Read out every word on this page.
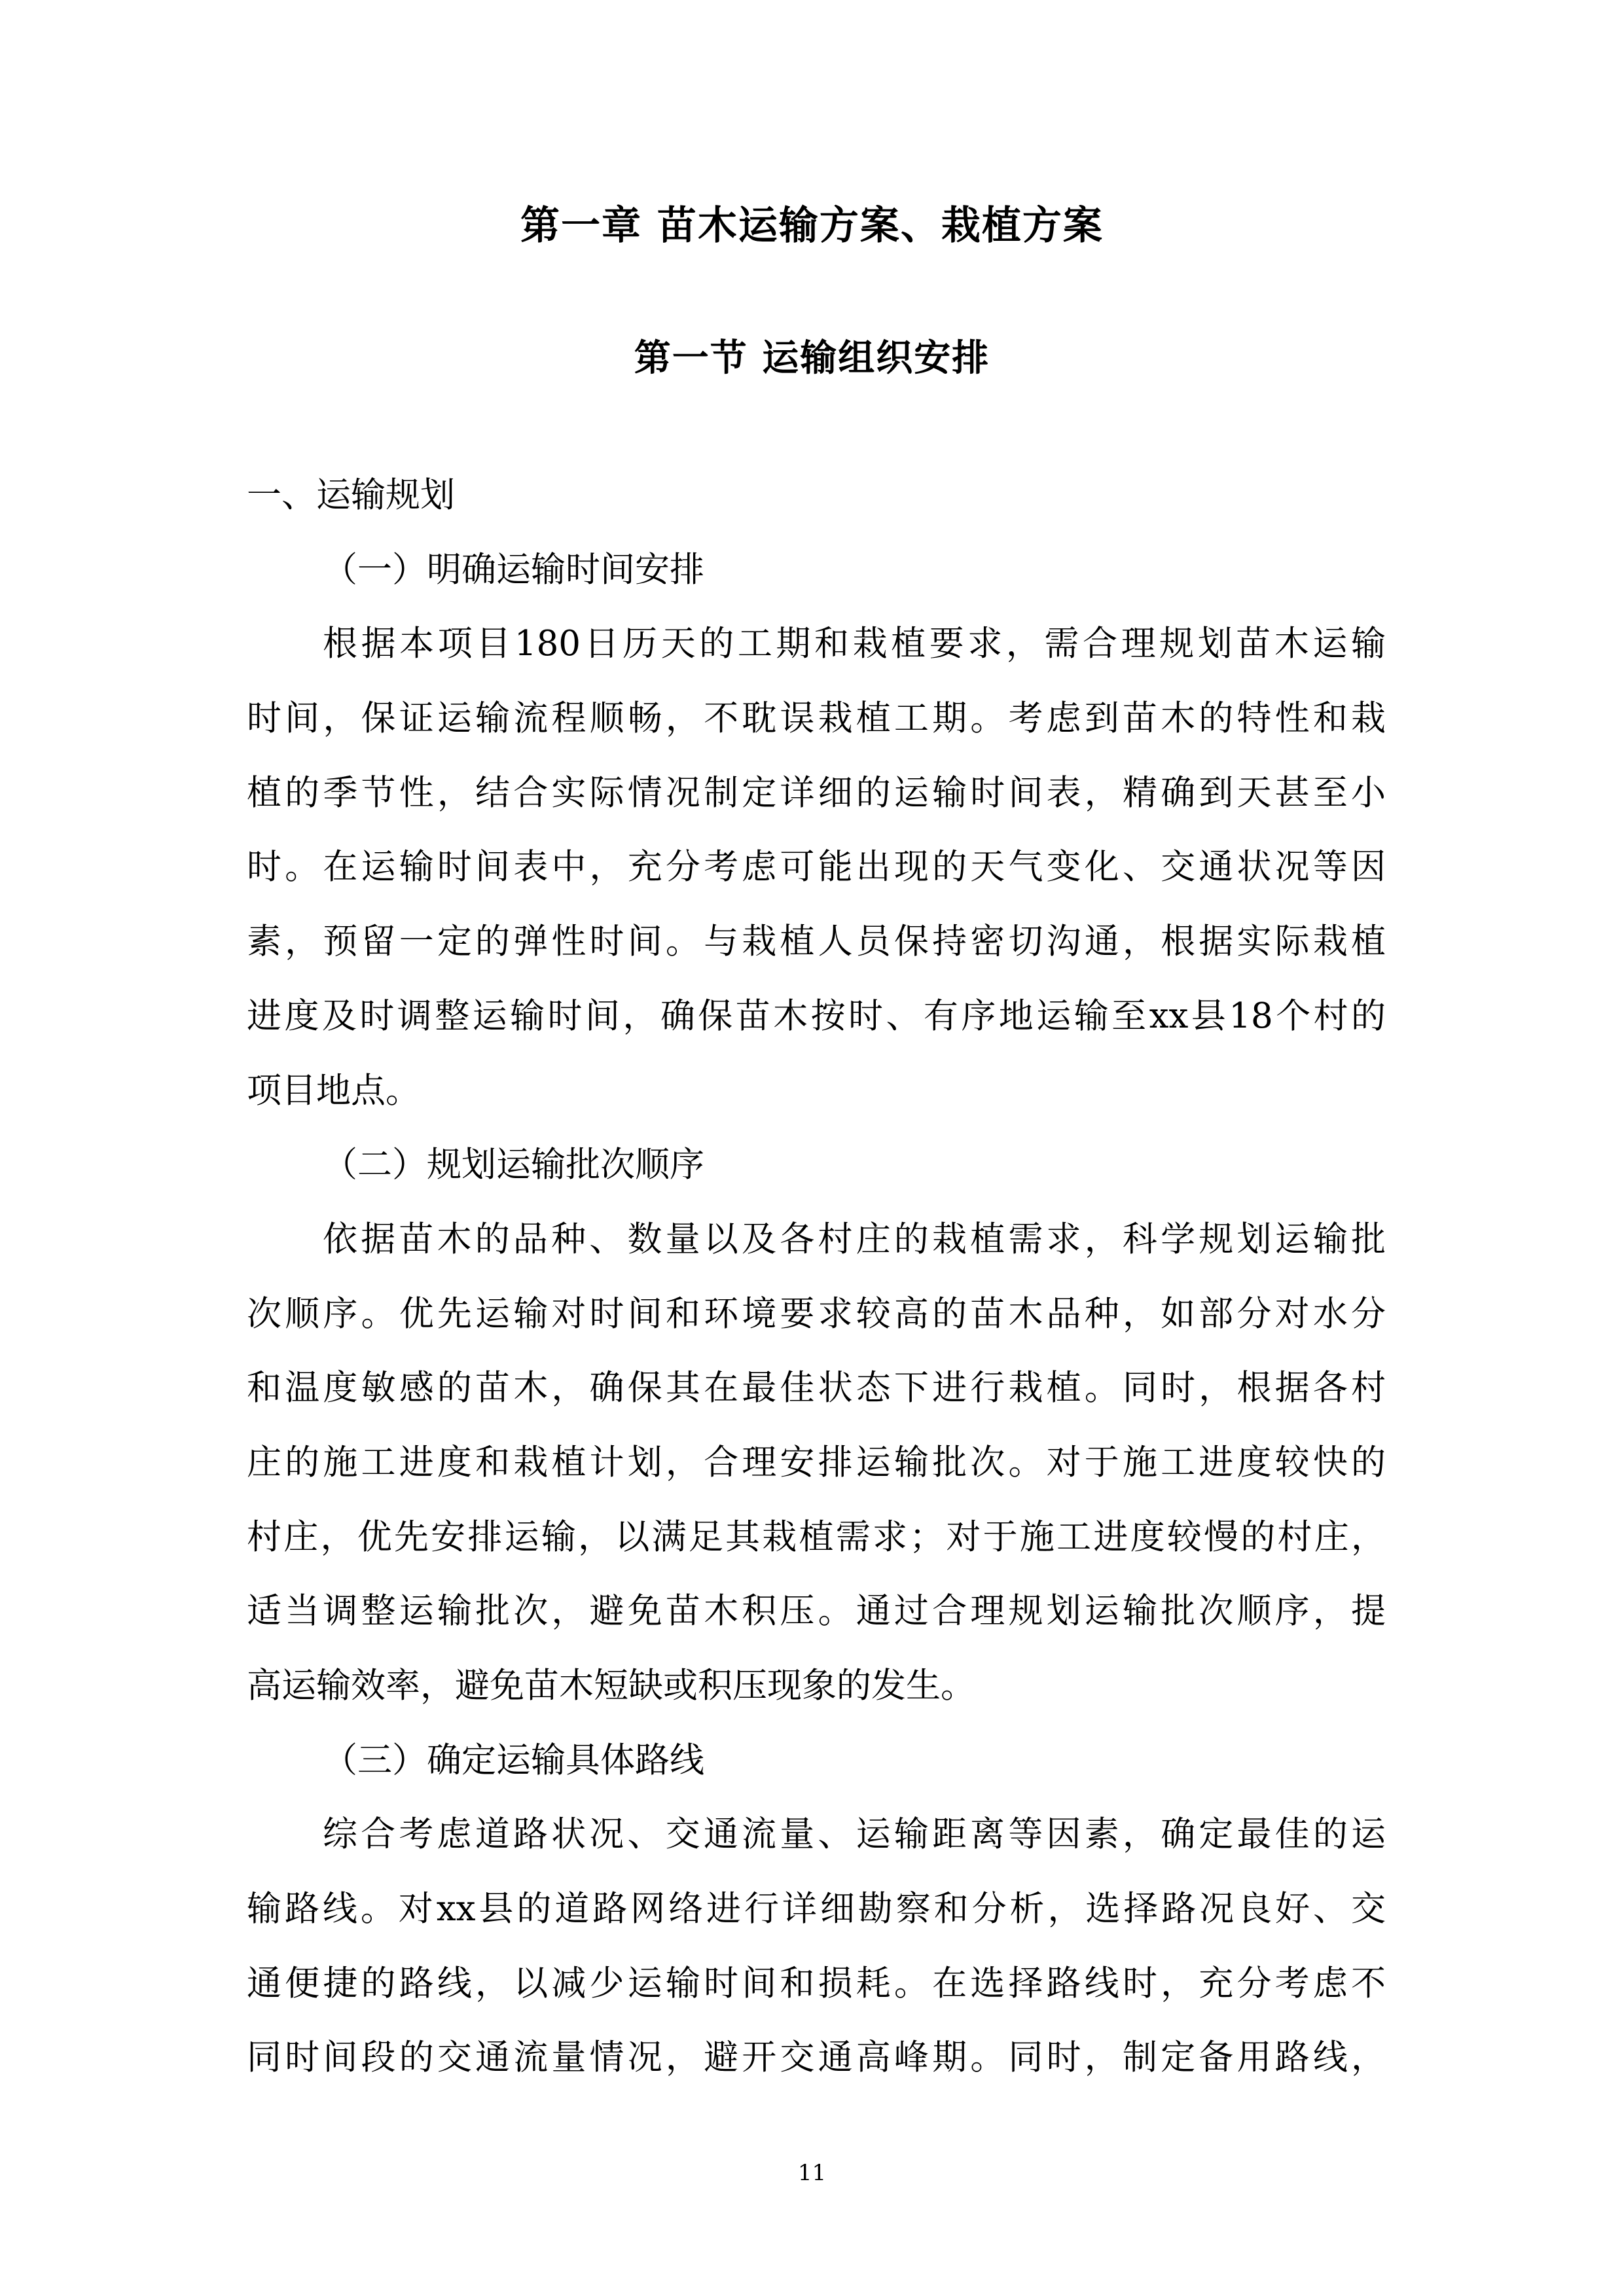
第一章 苗木运输方案、栽植方案
第一节 运输组织安排

一、运输规划

（一）明确运输时间安排

根据本项目180日历天的工期和栽植要求，需合理规划苗木运输

时间，保证运输流程顺畅，不耽误栽植工期。考虑到苗木的特性和栽

植的季节性，结合实际情况制定详细的运输时间表，精确到天甚至小

时。在运输时间表中，充分考虑可能出现的天气变化、交通状况等因

素，预留一定的弹性时间。与栽植人员保持密切沟通，根据实际栽植

进度及时调整运输时间，确保苗木按时、有序地运输至xx县18个村的

项目地点。

（二）规划运输批次顺序

依据苗木的品种、数量以及各村庄的栽植需求，科学规划运输批

次顺序。优先运输对时间和环境要求较高的苗木品种，如部分对水分

和温度敏感的苗木，确保其在最佳状态下进行栽植。同时，根据各村

庄的施工进度和栽植计划，合理安排运输批次。对于施工进度较快的

村庄，优先安排运输，以满足其栽植需求；对于施工进度较慢的村庄，

适当调整运输批次，避免苗木积压。通过合理规划运输批次顺序，提

高运输效率，避免苗木短缺或积压现象的发生。

（三）确定运输具体路线

综合考虑道路状况、交通流量、运输距离等因素，确定最佳的运

输路线。对xx县的道路网络进行详细勘察和分析，选择路况良好、交

通便捷的路线，以减少运输时间和损耗。在选择路线时，充分考虑不

同时间段的交通流量情况，避开交通高峰期。同时，制定备用路线，

11
